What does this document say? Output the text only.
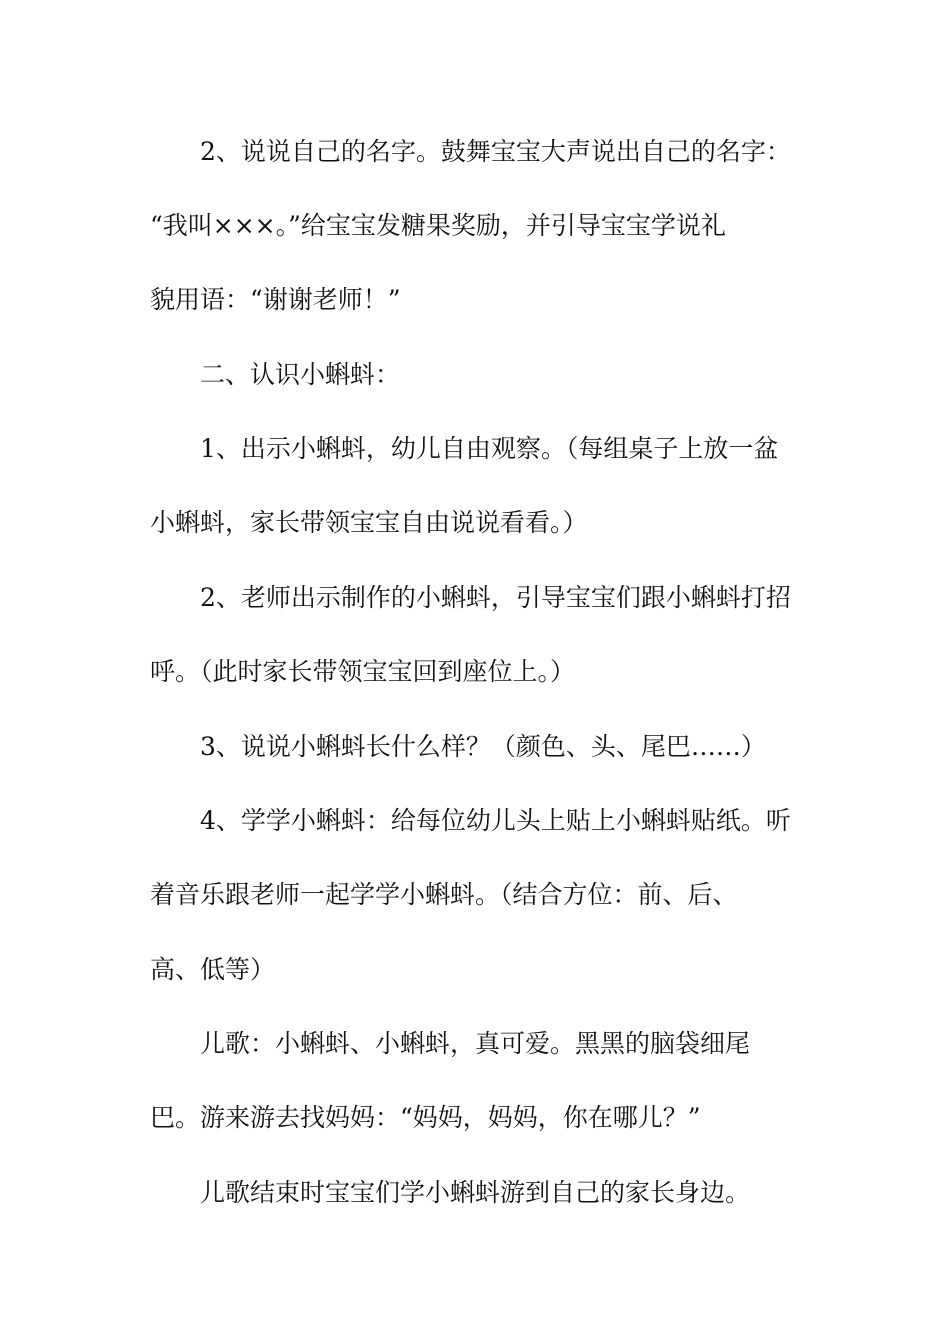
2、说说自己的名字。鼓舞宝宝大声说出自己的名字：
“我叫×××。”给宝宝发糖果奖励，并引导宝宝学说礼
貌用语：“谢谢老师！”
二、认识小蝌蚪：
1、出示小蝌蚪，幼儿自由观察。（每组桌子上放一盆
小蝌蚪，家长带领宝宝自由说说看看。）
2、老师出示制作的小蝌蚪，引导宝宝们跟小蝌蚪打招
呼。（此时家长带领宝宝回到座位上。）
3、说说小蝌蚪长什么样？（颜色、头、尾巴……）
4、学学小蝌蚪：给每位幼儿头上贴上小蝌蚪贴纸。听
着音乐跟老师一起学学小蝌蚪。（结合方位：前、后、
高、低等）
儿歌：小蝌蚪、小蝌蚪，真可爱。黑黑的脑袋细尾
巴。游来游去找妈妈：“妈妈，妈妈，你在哪儿？”
儿歌结束时宝宝们学小蝌蚪游到自己的家长身边。
